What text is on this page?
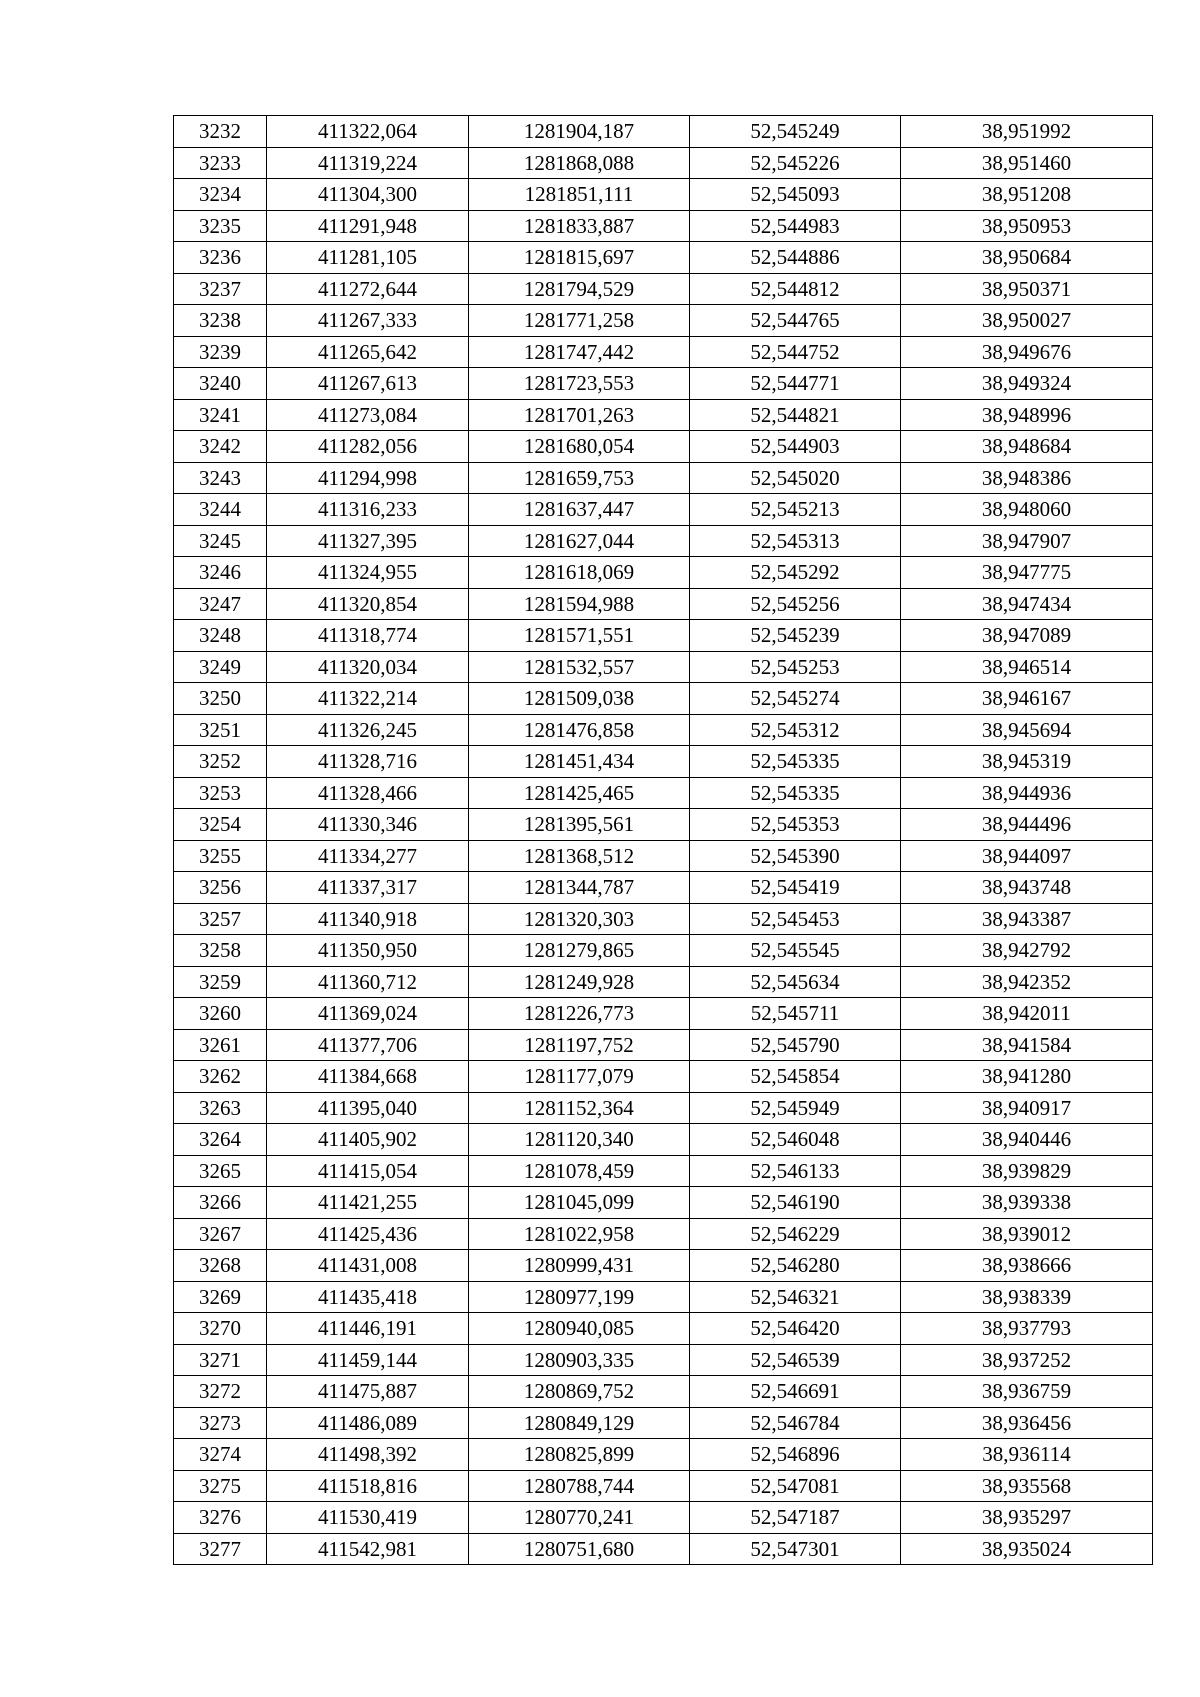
3232	411322,064	1281904,187	52,545249	38,951992
3233	411319,224	1281868,088	52,545226	38,951460
3234	411304,300	1281851,111	52,545093	38,951208
3235	411291,948	1281833,887	52,544983	38,950953
3236	411281,105	1281815,697	52,544886	38,950684
3237	411272,644	1281794,529	52,544812	38,950371
3238	411267,333	1281771,258	52,544765	38,950027
3239	411265,642	1281747,442	52,544752	38,949676
3240	411267,613	1281723,553	52,544771	38,949324
3241	411273,084	1281701,263	52,544821	38,948996
3242	411282,056	1281680,054	52,544903	38,948684
3243	411294,998	1281659,753	52,545020	38,948386
3244	411316,233	1281637,447	52,545213	38,948060
3245	411327,395	1281627,044	52,545313	38,947907
3246	411324,955	1281618,069	52,545292	38,947775
3247	411320,854	1281594,988	52,545256	38,947434
3248	411318,774	1281571,551	52,545239	38,947089
3249	411320,034	1281532,557	52,545253	38,946514
3250	411322,214	1281509,038	52,545274	38,946167
3251	411326,245	1281476,858	52,545312	38,945694
3252	411328,716	1281451,434	52,545335	38,945319
3253	411328,466	1281425,465	52,545335	38,944936
3254	411330,346	1281395,561	52,545353	38,944496
3255	411334,277	1281368,512	52,545390	38,944097
3256	411337,317	1281344,787	52,545419	38,943748
3257	411340,918	1281320,303	52,545453	38,943387
3258	411350,950	1281279,865	52,545545	38,942792
3259	411360,712	1281249,928	52,545634	38,942352
3260	411369,024	1281226,773	52,545711	38,942011
3261	411377,706	1281197,752	52,545790	38,941584
3262	411384,668	1281177,079	52,545854	38,941280
3263	411395,040	1281152,364	52,545949	38,940917
3264	411405,902	1281120,340	52,546048	38,940446
3265	411415,054	1281078,459	52,546133	38,939829
3266	411421,255	1281045,099	52,546190	38,939338
3267	411425,436	1281022,958	52,546229	38,939012
3268	411431,008	1280999,431	52,546280	38,938666
3269	411435,418	1280977,199	52,546321	38,938339
3270	411446,191	1280940,085	52,546420	38,937793
3271	411459,144	1280903,335	52,546539	38,937252
3272	411475,887	1280869,752	52,546691	38,936759
3273	411486,089	1280849,129	52,546784	38,936456
3274	411498,392	1280825,899	52,546896	38,936114
3275	411518,816	1280788,744	52,547081	38,935568
3276	411530,419	1280770,241	52,547187	38,935297
3277	411542,981	1280751,680	52,547301	38,935024
